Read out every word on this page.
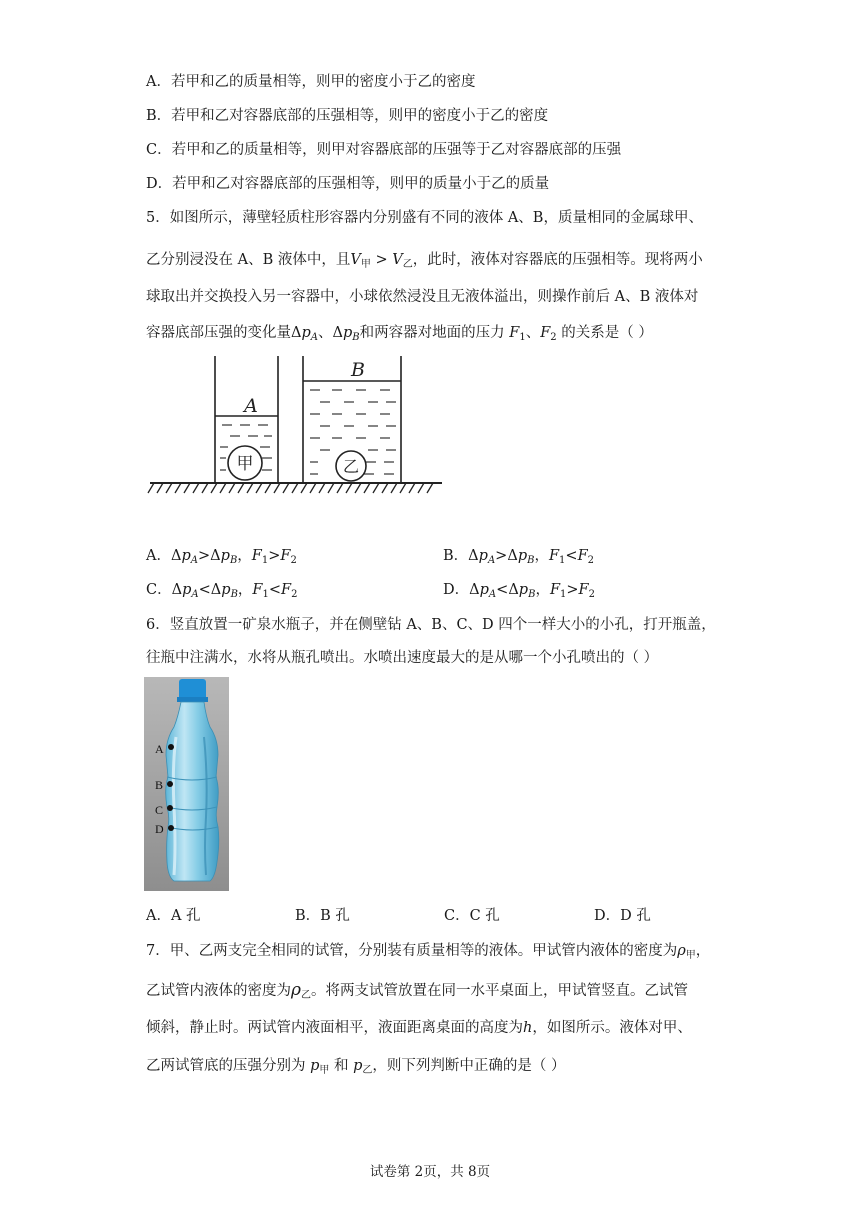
A．若甲和乙的质量相等，则甲的密度小于乙的密度
B．若甲和乙对容器底部的压强相等，则甲的密度小于乙的密度
C．若甲和乙的质量相等，则甲对容器底部的压强等于乙对容器底部的压强
D．若甲和乙对容器底部的压强相等，则甲的质量小于乙的质量
5．如图所示，薄壁轻质柱形容器内分别盛有不同的液体 A、B，质量相同的金属球甲、
乙分别浸没在 A、B 液体中，且$V_甲 > V_乙$，此时，液体对容器底的压强相等。现将两小
球取出并交换投入另一容器中，小球依然浸没且无液体溢出，则操作前后 A、B 液体对
容器底部压强的变化量$\Delta p_A$、$\Delta p_B$和两容器对地面的压力 $F_1$、$F_2$ 的关系是（ ）
甲	乙
A
B
A．$\Delta p_A>\Delta p_B$，$F_1>F_2$	B．$\Delta p_A>\Delta p_B$，$F_1<F_2$
C．$\Delta p_A<\Delta p_B$，$F_1<F_2$	D．$\Delta p_A<\Delta p_B$，$F_1>F_2$
6．竖直放置一矿泉水瓶子，并在侧壁钻 A、B、C、D 四个一样大小的小孔，打开瓶盖，
往瓶中注满水，水将从瓶孔喷出。水喷出速度最大的是从哪一个小孔喷出的（ ）
A
B
C
D
A．A 孔	B．B 孔	C．C 孔	D．D 孔
7．甲、乙两支完全相同的试管，分别装有质量相等的液体。甲试管内液体的密度为$\rho_甲$，
乙试管内液体的密度为$\rho_乙$。将两支试管放置在同一水平桌面上，甲试管竖直。乙试管
倾斜，静止时。两试管内液面相平，液面距离桌面的高度为h，如图所示。液体对甲、
乙两试管底的压强分别为 $p_甲$ 和 $p_乙$，则下列判断中正确的是（ ）
试卷第 2页，共 8页
